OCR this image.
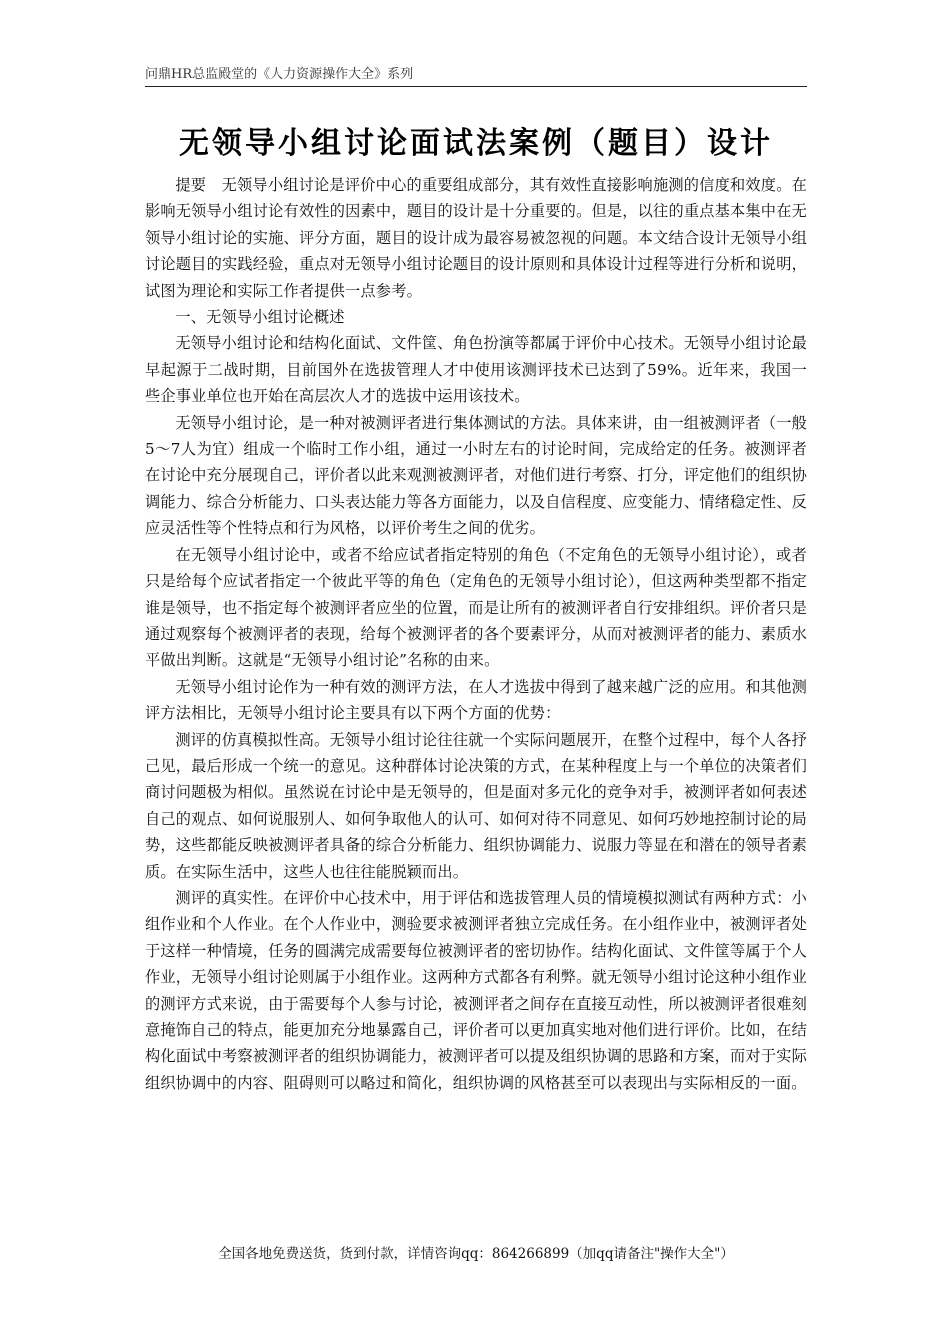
问鼎HR总监殿堂的《人力资源操作大全》系列
无领导小组讨论面试法案例（题目）设计

提要　无领导小组讨论是评价中心的重要组成部分，其有效性直接影响施测的信度和效度。在影响无领导小组讨论有效性的因素中，题目的设计是十分重要的。但是，以往的重点基本集中在无领导小组讨论的实施、评分方面，题目的设计成为最容易被忽视的问题。本文结合设计无领导小组讨论题目的实践经验，重点对无领导小组讨论题目的设计原则和具体设计过程等进行分析和说明，试图为理论和实际工作者提供一点参考。

一、无领导小组讨论概述

无领导小组讨论和结构化面试、文件筐、角色扮演等都属于评价中心技术。无领导小组讨论最早起源于二战时期，目前国外在选拔管理人才中使用该测评技术已达到了59%。近年来，我国一些企事业单位也开始在高层次人才的选拔中运用该技术。

无领导小组讨论，是一种对被测评者进行集体测试的方法。具体来讲，由一组被测评者（一般5～7人为宜）组成一个临时工作小组，通过一小时左右的讨论时间，完成给定的任务。被测评者在讨论中充分展现自己，评价者以此来观测被测评者，对他们进行考察、打分，评定他们的组织协调能力、综合分析能力、口头表达能力等各方面能力，以及自信程度、应变能力、情绪稳定性、反应灵活性等个性特点和行为风格，以评价考生之间的优劣。

在无领导小组讨论中，或者不给应试者指定特别的角色（不定角色的无领导小组讨论），或者只是给每个应试者指定一个彼此平等的角色（定角色的无领导小组讨论），但这两种类型都不指定谁是领导，也不指定每个被测评者应坐的位置，而是让所有的被测评者自行安排组织。评价者只是通过观察每个被测评者的表现，给每个被测评者的各个要素评分，从而对被测评者的能力、素质水平做出判断。这就是“无领导小组讨论”名称的由来。

无领导小组讨论作为一种有效的测评方法，在人才选拔中得到了越来越广泛的应用。和其他测评方法相比，无领导小组讨论主要具有以下两个方面的优势：

测评的仿真模拟性高。无领导小组讨论往往就一个实际问题展开，在整个过程中，每个人各抒己见，最后形成一个统一的意见。这种群体讨论决策的方式，在某种程度上与一个单位的决策者们商讨问题极为相似。虽然说在讨论中是无领导的，但是面对多元化的竞争对手，被测评者如何表述自己的观点、如何说服别人、如何争取他人的认可、如何对待不同意见、如何巧妙地控制讨论的局势，这些都能反映被测评者具备的综合分析能力、组织协调能力、说服力等显在和潜在的领导者素质。在实际生活中，这些人也往往能脱颖而出。

测评的真实性。在评价中心技术中，用于评估和选拔管理人员的情境模拟测试有两种方式：小组作业和个人作业。在个人作业中，测验要求被测评者独立完成任务。在小组作业中，被测评者处于这样一种情境，任务的圆满完成需要每位被测评者的密切协作。结构化面试、文件筐等属于个人作业，无领导小组讨论则属于小组作业。这两种方式都各有利弊。就无领导小组讨论这种小组作业的测评方式来说，由于需要每个人参与讨论，被测评者之间存在直接互动性，所以被测评者很难刻意掩饰自己的特点，能更加充分地暴露自己，评价者可以更加真实地对他们进行评价。比如，在结构化面试中考察被测评者的组织协调能力，被测评者可以提及组织协调的思路和方案，而对于实际组织协调中的内容、阻碍则可以略过和简化，组织协调的风格甚至可以表现出与实际相反的一面。

全国各地免费送货，货到付款，详情咨询qq：864266899（加qq请备注"操作大全"）
